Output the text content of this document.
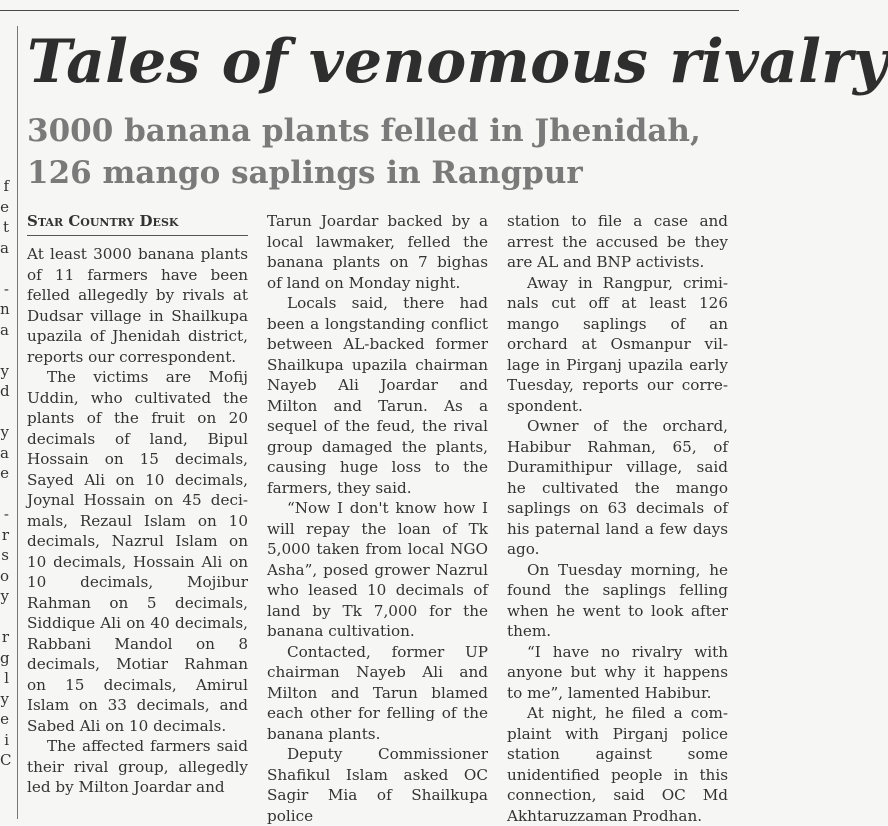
f
e
t
a
-
n
a
y
d
y
a
e
-
r
s
o
y
r
g
l
y
e
i
C
Tales of venomous rivalry
3000 banana plants felled in Jhenidah, 126 mango saplings in Rangpur
Star Country Desk

At least 3000 banana plants of 11 farmers have been felled allegedly by rivals at Dudsar village in Shailkupa upazila of Jhenidah district, reports our correspondent.

The victims are Mofij Uddin, who cultivated the plants of the fruit on 20 decimals of land, Bipul Hossain on 15 decimals, Sayed Ali on 10 decimals, Joynal Hossain on 45 decimals, Rezaul Islam on 10 decimals, Nazrul Islam on 10 decimals, Hossain Ali on 10 decimals, Mojibur Rahman on 5 decimals, Siddique Ali on 40 decimals, Rabbani Mandol on 8 decimals, Motiar Rahman on 15 decimals, Amirul Islam on 33 decimals, and Sabed Ali on 10 decimals.

The affected farmers said their rival group, allegedly led by Milton Joardar and

Tarun Joardar backed by a local lawmaker, felled the banana plants on 7 bighas of land on Monday night.

Locals said, there had been a longstanding conflict between AL-backed former Shailkupa upazila chairman Nayeb Ali Joardar and Milton and Tarun. As a sequel of the feud, the rival group damaged the plants, causing huge loss to the farmers, they said.

“Now I don't know how I will repay the loan of Tk 5,000 taken from local NGO Asha”, posed grower Nazrul who leased 10 decimals of land by Tk 7,000 for the banana cultivation.

Contacted, former UP chairman Nayeb Ali and Milton and Tarun blamed each other for felling of the banana plants.

Deputy Commissioner Shafikul Islam asked OC Sagir Mia of Shailkupa police

station to file a case and arrest the accused be they are AL and BNP activists.

Away in Rangpur, criminals cut off at least 126 mango saplings of an orchard at Osmanpur village in Pirganj upazila early Tuesday, reports our correspondent.

Owner of the orchard, Habibur Rahman, 65, of Duramithipur village, said he cultivated the mango saplings on 63 decimals of his paternal land a few days ago.

On Tuesday morning, he found the saplings felling when he went to look after them.

“I have no rivalry with anyone but why it happens to me”, lamented Habibur.

At night, he filed a complaint with Pirganj police station against some unidentified people in this connection, said OC Md Akhtaruzzaman Prodhan.
